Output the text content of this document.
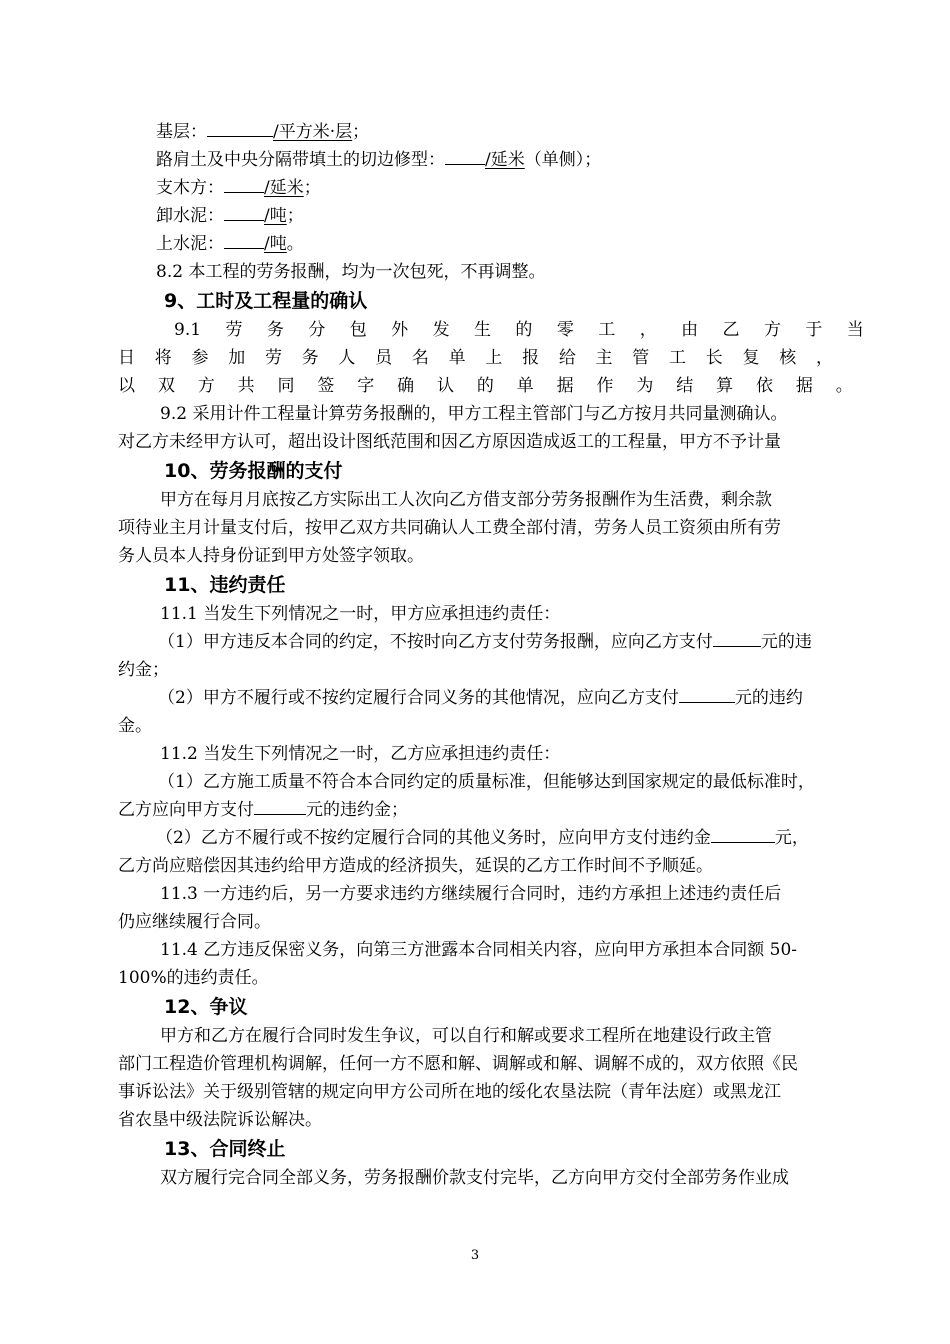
基层：	/平方米·层；

路肩土及中央分隔带填土的切边修型： /延米（单侧）；

支木方： /延米；

卸水泥： /吨；

上水泥： /吨。

8.2 本工程的劳务报酬，均为一次包死，不再调整。

9、工时及工程量的确认
9.1 劳 务 分 包 外 发 生 的 零 工 ， 由 乙 方 于 当
日 将 参 加 劳 务 人 员 名 单 上 报 给 主 管 工 长 复 核 ，
以 双 方 共 同 签 字 确 认 的 单 据 作 为 结 算 依 据 。

9.2 采用计件工程量计算劳务报酬的，甲方工程主管部门与乙方按月共同量测确认。

对乙方未经甲方认可，超出设计图纸范围和因乙方原因造成返工的工程量，甲方不予计量

10、劳务报酬的支付

甲方在每月月底按乙方实际出工人次向乙方借支部分劳务报酬作为生活费，剩余款

项待业主月计量支付后，按甲乙双方共同确认人工费全部付清，劳务人员工资须由所有劳

务人员本人持身份证到甲方处签字领取。

11、违约责任

11.1 当发生下列情况之一时，甲方应承担违约责任：

（1）甲方违反本合同的约定，不按时向乙方支付劳务报酬，应向乙方支付	元的违

约金；

（2）甲方不履行或不按约定履行合同义务的其他情况，应向乙方支付	元的违约

金。

11.2 当发生下列情况之一时，乙方应承担违约责任：

（1）乙方施工质量不符合本合同约定的质量标准，但能够达到国家规定的最低标准时，

乙方应向甲方支付	元的违约金；

（2）乙方不履行或不按约定履行合同的其他义务时，应向甲方支付违约金	元，

乙方尚应赔偿因其违约给甲方造成的经济损失，延误的乙方工作时间不予顺延。

11.3 一方违约后，另一方要求违约方继续履行合同时，违约方承担上述违约责任后

仍应继续履行合同。

11.4 乙方违反保密义务，向第三方泄露本合同相关内容，应向甲方承担本合同额 50-

100%的违约责任。

12、争议

甲方和乙方在履行合同时发生争议，可以自行和解或要求工程所在地建设行政主管

部门工程造价管理机构调解，任何一方不愿和解、调解或和解、调解不成的，双方依照《民

事诉讼法》关于级别管辖的规定向甲方公司所在地的绥化农垦法院（青年法庭）或黑龙江

省农垦中级法院诉讼解决。

13、合同终止

双方履行完合同全部义务，劳务报酬价款支付完毕，乙方向甲方交付全部劳务作业成

3
